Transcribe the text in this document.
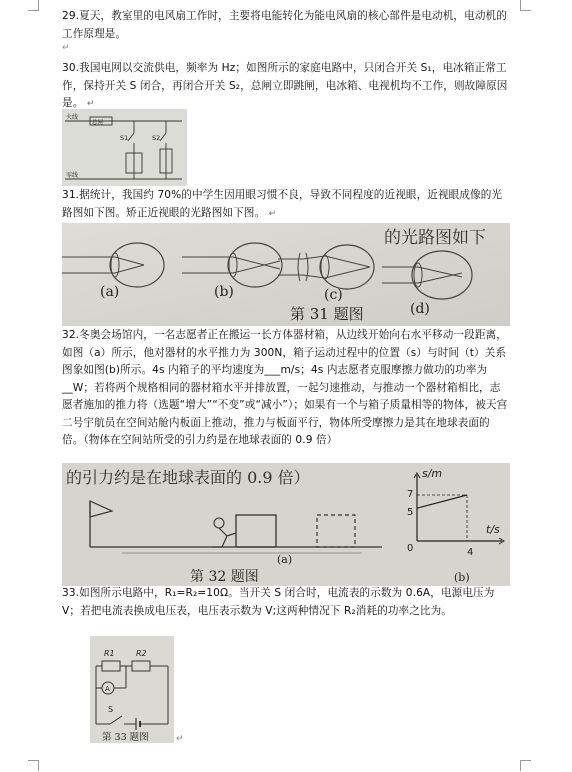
29.夏天，教室里的电风扇工作时，主要将电能转化为能电风扇的核心部件是电动机，电动机的工作原理是。
↵
30.我国电网以交流供电，频率为 Hz；如图所示的家庭电路中，只闭合开关 S₁，电冰箱正常工作，保持开关 S 闭合，再闭合开关 S₂，总闸立即跳闸，电冰箱、电视机均不工作，则故障原因是。 ↵
火线
总闸
零线
S1	S2
31.据统计，我国约 70%的中学生因用眼习惯不良，导致不同程度的近视眼，近视眼成像的光路图如下图。矫正近视眼的光路图如下图。 ↵
的光路图如下
(a)	(b)	(c)
(d)
第 31 题图
32.冬奥会场馆内，一名志愿者正在搬运一长方体器材箱，从边线开始向右水平移动一段距离，如图（a）所示，他对器材的水平推力为 300N，箱子运动过程中的位置（s）与时间（t）关系图象如图(b)所示。4s 内箱子的平均速度为___m/s；4s 内志愿者克服摩擦力做功的功率为__W；若将两个规格相同的器材箱水平并排放置，一起匀速推动，与推动一个器材箱相比，志愿者施加的推力将（选题“增大”“不变”或“减小”）；如果有一个与箱子质量相等的物体，被天宫二号宇航员在空间站舱内板面上推动，推力与板面平行，物体所受摩擦力是其在地球表面的倍。（物体在空间站所受的引力约是在地球表面的 0.9 倍）
的引力约是在地球表面的 0.9 倍）
(a)
第 32 题图
s/m
t/s
7
5
0	4
(b)
33.如图所示电路中，R₁=R₂=10Ω。当开关 S 闭合时，电流表的示数为 0.6A，电源电压为 V；若把电流表换成电压表，电压表示数为 V;这两种情况下 R₂消耗的功率之比为。
R1	R2
A
S
第 33 题图	↵
